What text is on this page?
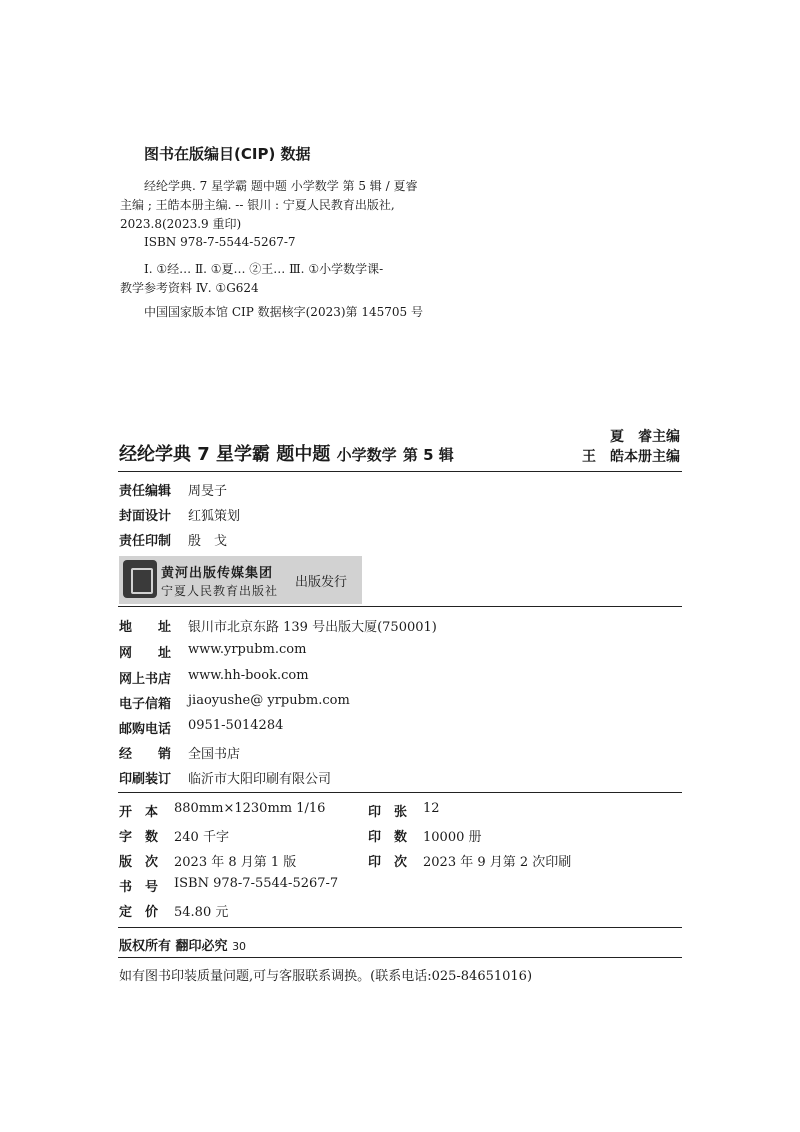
图书在版编目(CIP) 数据
经纶学典. 7 星学霸 题中题 小学数学 第 5 辑 / 夏睿
主编 ; 王皓本册主编. -- 银川 : 宁夏人民教育出版社,
2023.8(2023.9 重印)
ISBN 978-7-5544-5267-7
Ⅰ. ①经… Ⅱ. ①夏… ②王… Ⅲ. ①小学数学课-
教学参考资料 Ⅳ. ①G624
中国国家版本馆 CIP 数据核字(2023)第 145705 号
经纶学典 7 星学霸 题中题 小学数学 第 5 辑
夏　睿主编
王　皓本册主编
责任编辑 周旻子
封面设计 红狐策划
责任印制 殷　戈
黄河出版传媒集团
宁夏人民教育出版社
出版发行
地　　址 银川市北京东路 139 号出版大厦(750001)
网　　址 www.yrpubm.com
网上书店 www.hh-book.com
电子信箱 jiaoyushe@ yrpubm.com
邮购电话 0951-5014284
经　　销 全国书店
印刷装订 临沂市大阳印刷有限公司
开　本 880mm×1230mm 1/16	印　张 12
字　数 240 千字	印　数 10000 册
版　次 2023 年 8 月第 1 版	印　次 2023 年 9 月第 2 次印刷
书　号 ISBN 978-7-5544-5267-7
定　价 54.80 元
版权所有 翻印必究 30
如有图书印装质量问题,可与客服联系调换。(联系电话:025-84651016)
